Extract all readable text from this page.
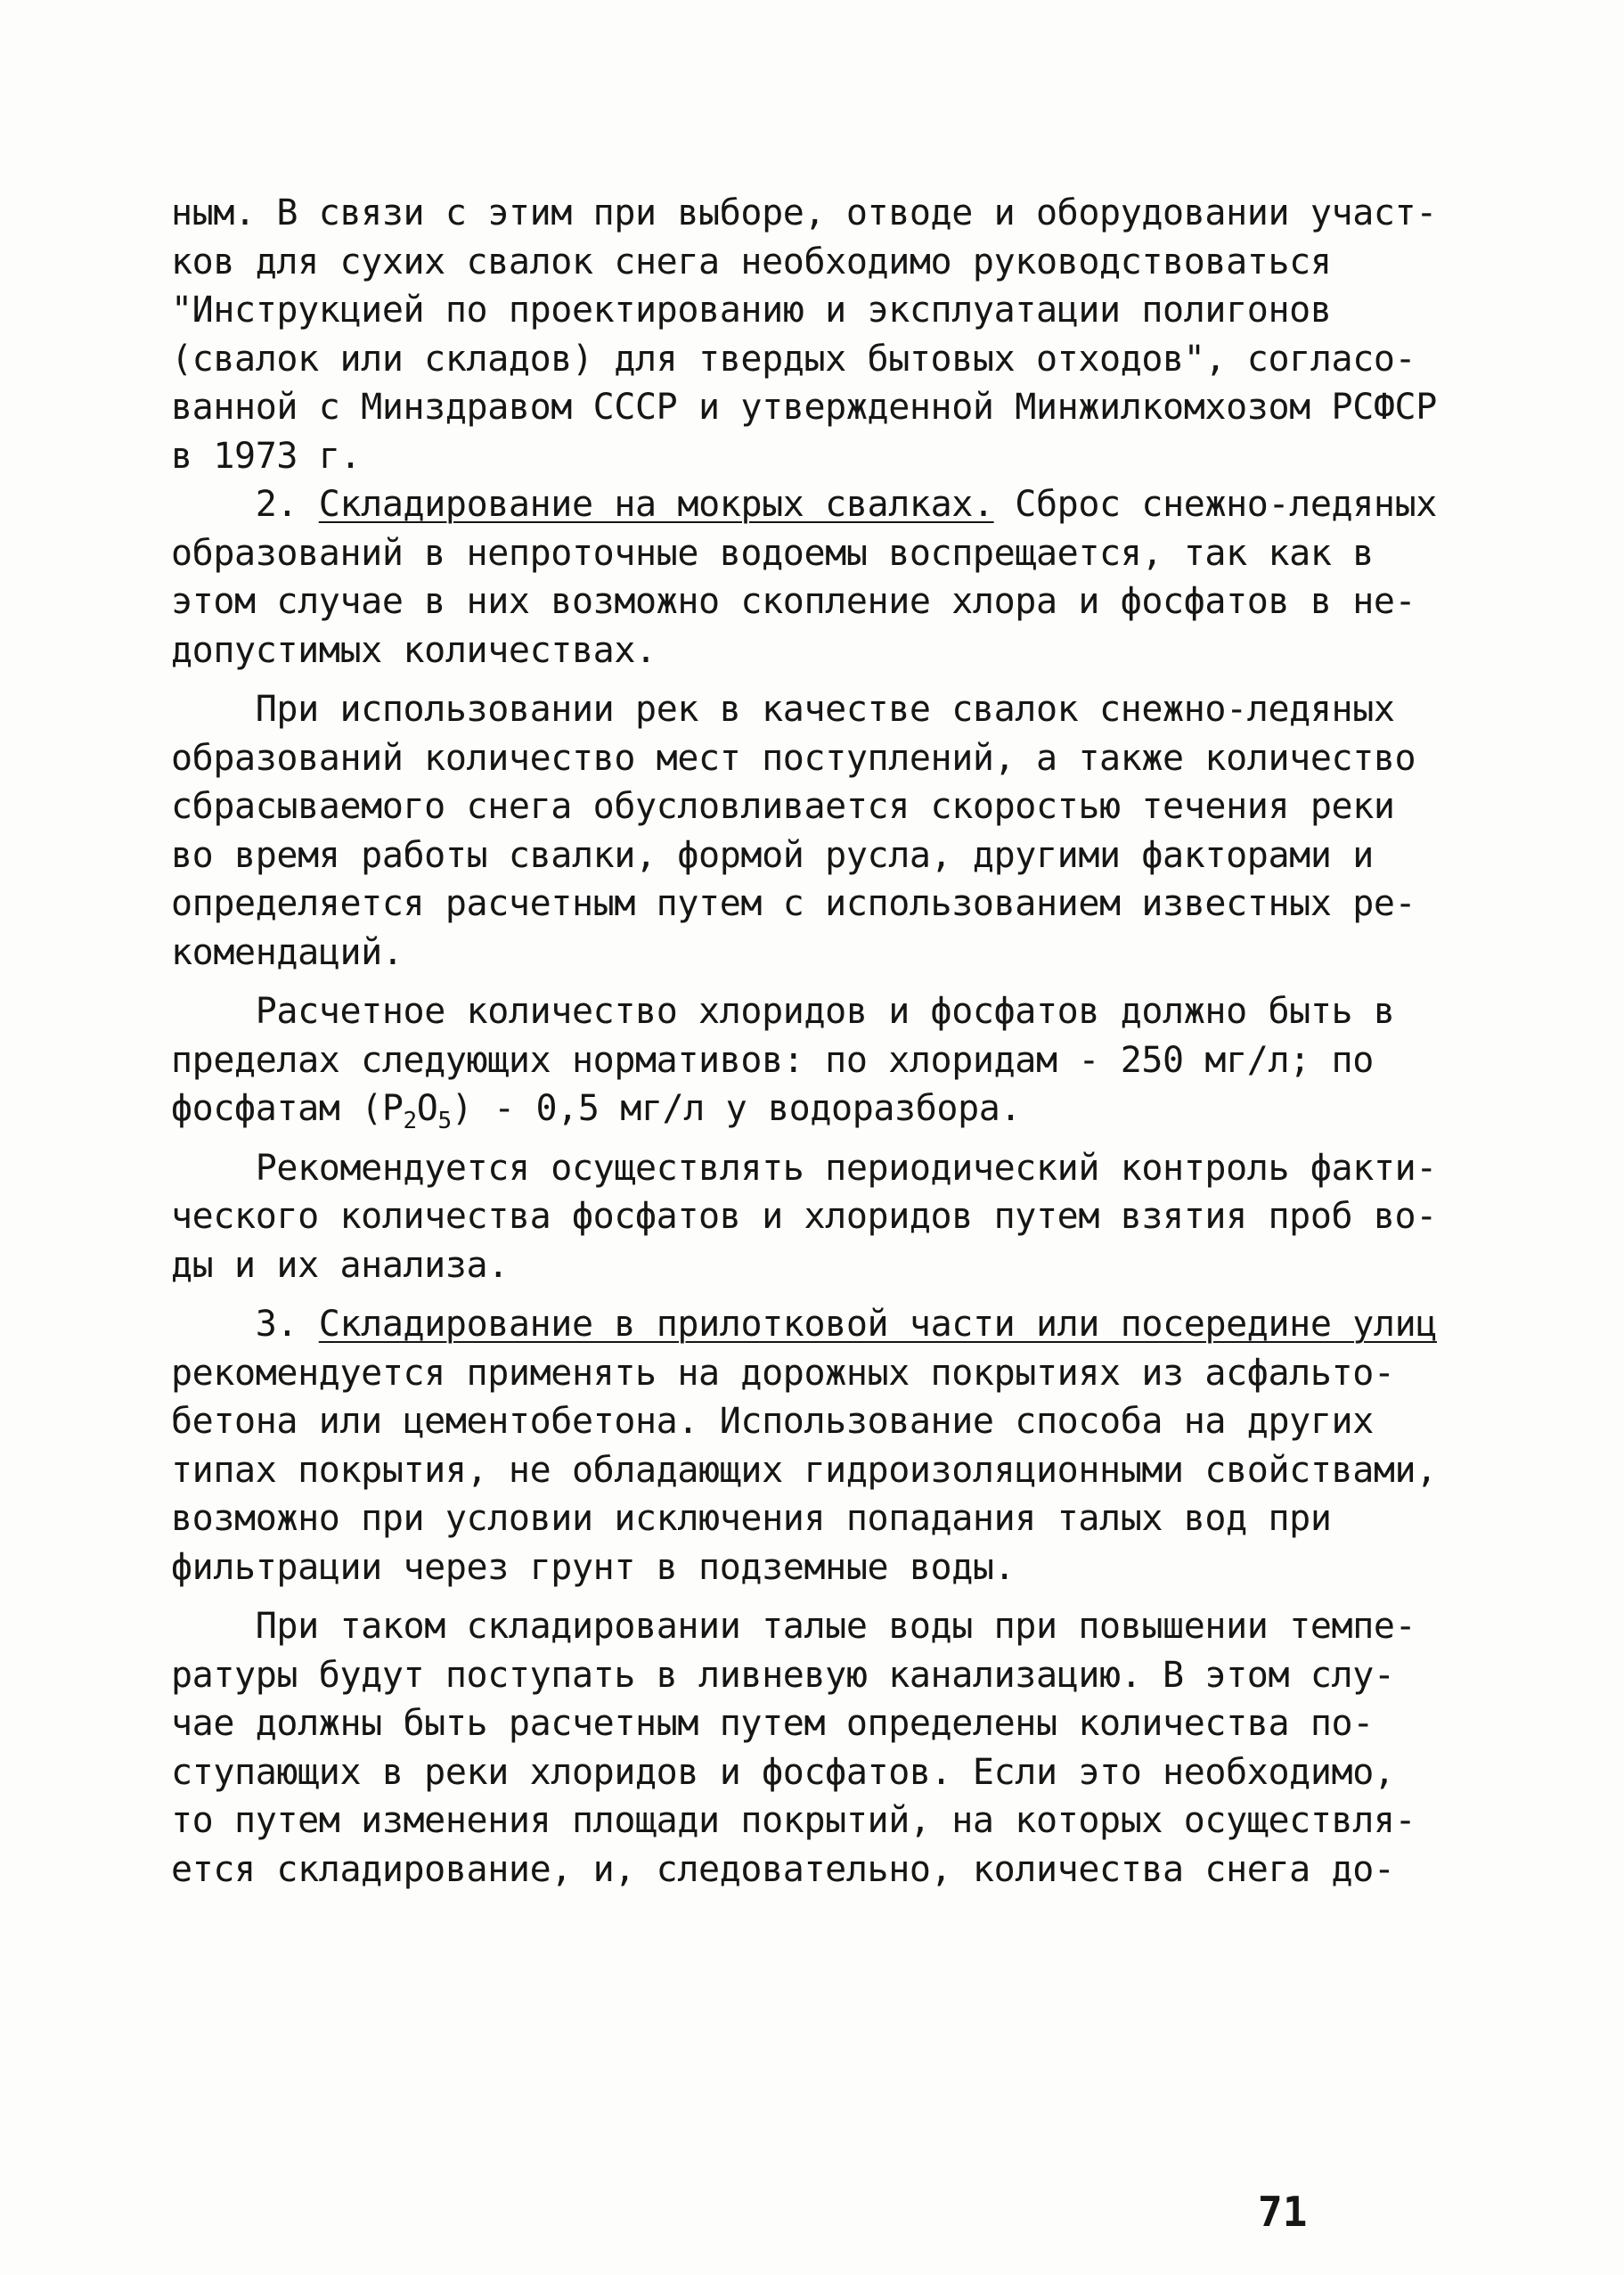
ным. В связи с этим при выборе, отводе и оборудовании участ-
ков для сухих свалок снега необходимо руководствоваться
"Инструкцией по проектированию и эксплуатации полигонов
(свалок или складов) для твердых бытовых отходов", согласо-
ванной с Минздравом СССР и утвержденной Минжилкомхозом РСФСР
в 1973 г.
2. Складирование на мокрых свалках. Сброс снежно-ледяных
образований в непроточные водоемы воспрещается, так как в
этом случае в них возможно скопление хлора и фосфатов в не-
допустимых количествах.
При использовании рек в качестве свалок снежно-ледяных
образований количество мест поступлений, а также количество
сбрасываемого снега обусловливается скоростью течения реки
во время работы свалки, формой русла, другими факторами и
определяется расчетным путем с использованием известных ре-
комендаций.
Расчетное количество хлоридов и фосфатов должно быть в
пределах следующих нормативов: по хлоридам - 250 мг/л; по
фосфатам $(P_2O_5) - 0,5$ мг/л у водоразбора.
Рекомендуется осуществлять периодический контроль факти-
ческого количества фосфатов и хлоридов путем взятия проб во-
ды и их анализа.
3. Складирование в прилотковой части или посередине улиц
рекомендуется применять на дорожных покрытиях из асфальто-
бетона или цементобетона. Использование способа на других
типах покрытия, не обладающих гидроизоляционными свойствами,
возможно при условии исключения попадания талых вод при
фильтрации через грунт в подземные воды.
При таком складировании талые воды при повышении темпе-
ратуры будут поступать в ливневую канализацию. В этом слу-
чае должны быть расчетным путем определены количества по-
ступающих в реки хлоридов и фосфатов. Если это необходимо,
то путем изменения площади покрытий, на которых осуществля-
ется складирование, и, следовательно, количества снега до-
71
